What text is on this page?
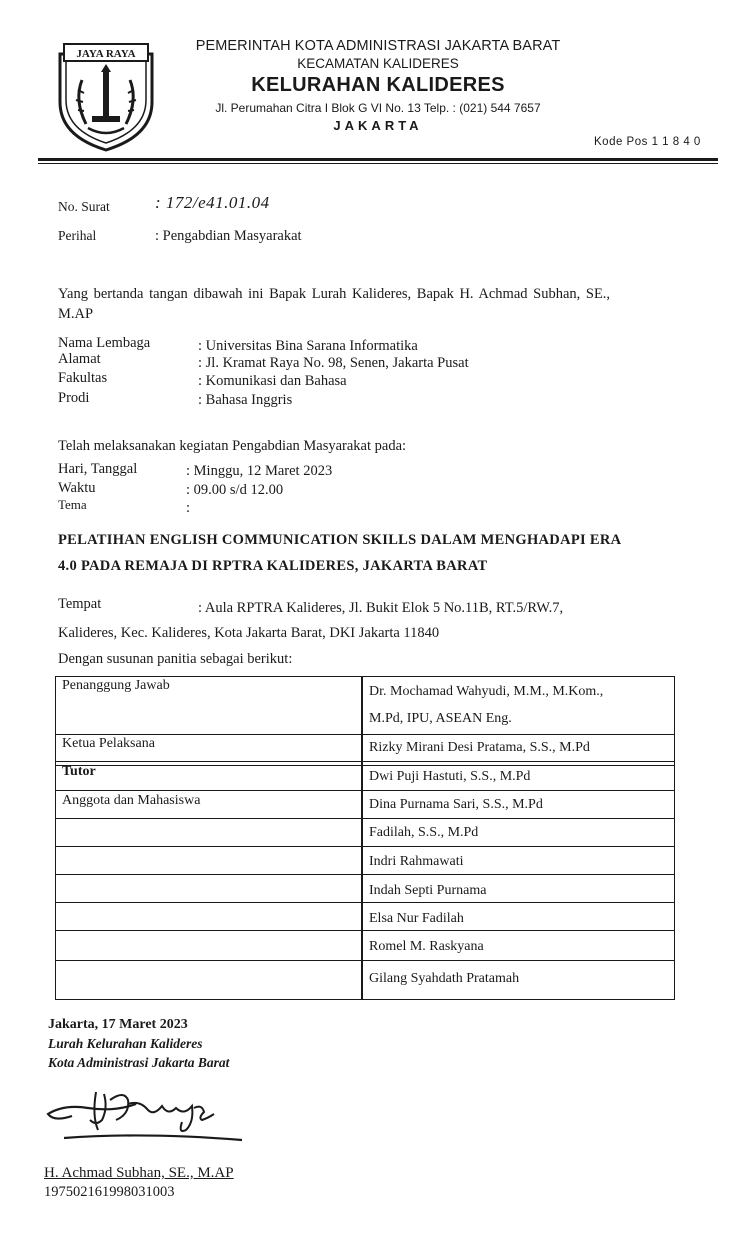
JAYA RAYA	PEMERINTAH KOTA ADMINISTRASI JAKARTA BARAT
KECAMATAN KALIDERES
KELURAHAN KALIDERES
Jl. Perumahan Citra I Blok G VI No. 13 Telp. : (021) 544 7657
JAKARTA
Kode Pos 1 1 8 4 0
No. Surat	: 172/e41.01.04
Perihal	: Pengabdian Masyarakat
Yang bertanda tangan dibawah ini Bapak Lurah Kalideres, Bapak H. Achmad Subhan, SE.,
M.AP
Nama Lembaga	: Universitas Bina Sarana Informatika
Alamat	: Jl. Kramat Raya No. 98, Senen, Jakarta Pusat
Fakultas	: Komunikasi dan Bahasa
Prodi	: Bahasa Inggris
Telah melaksanakan kegiatan Pengabdian Masyarakat pada:
Hari, Tanggal	: Minggu, 12 Maret 2023
Waktu	: 09.00 s/d 12.00
Tema	:
PELATIHAN ENGLISH COMMUNICATION SKILLS DALAM MENGHADAPI ERA
4.0 PADA REMAJA DI RPTRA KALIDERES, JAKARTA BARAT
Tempat	: Aula RPTRA Kalideres, Jl. Bukit Elok 5 No.11B, RT.5/RW.7,
Kalideres, Kec. Kalideres, Kota Jakarta Barat, DKI Jakarta 11840
Dengan susunan panitia sebagai berikut:
Penanggung Jawab	Dr. Mochamad Wahyudi, M.M., M.Kom.,
M.Pd, IPU, ASEAN Eng.
Ketua Pelaksana	Rizky Mirani Desi Pratama, S.S., M.Pd
Tutor	Dwi Puji Hastuti, S.S., M.Pd
Anggota dan Mahasiswa	Dina Purnama Sari, S.S., M.Pd
Fadilah, S.S., M.Pd
Indri Rahmawati
Indah Septi Purnama
Elsa Nur Fadilah
Romel M. Raskyana
Gilang Syahdath Pratamah
Jakarta, 17 Maret 2023
Lurah Kelurahan Kalideres
Kota Administrasi Jakarta Barat
H. Achmad Subhan, SE., M.AP
197502161998031003
